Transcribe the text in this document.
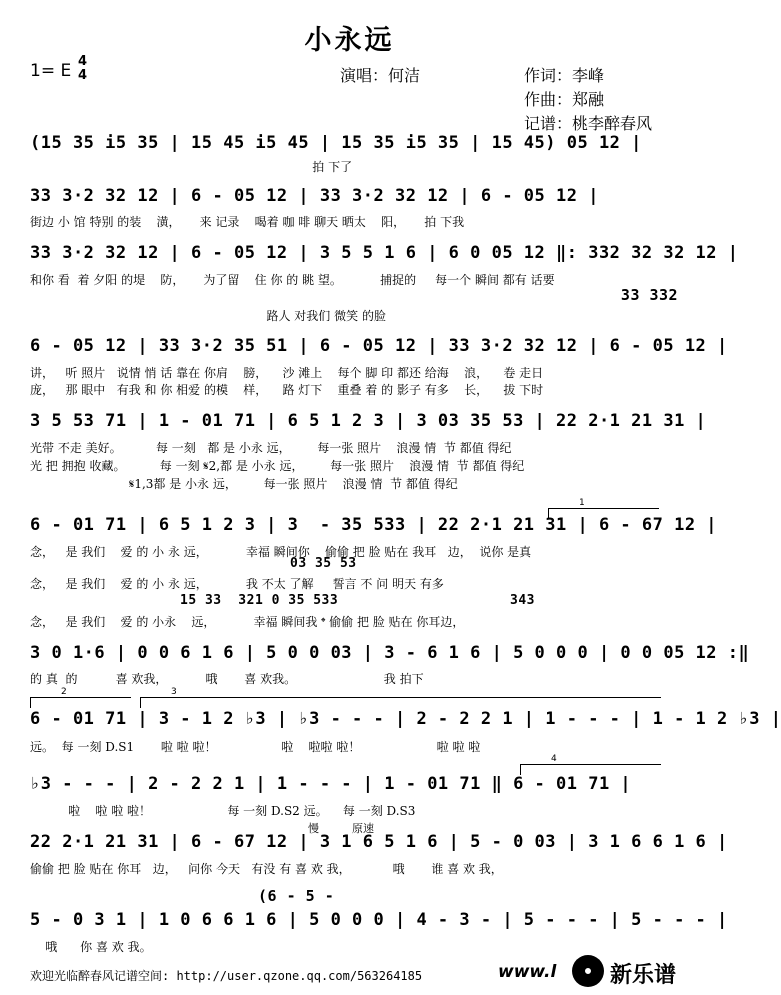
小永远
1= E 4
4	演唱：何洁	作词：李峰
作曲：郑融
记谱：桃李醉春风
(15 35 i5 35 | 15 45 i5 45 | 15 35 i5 35 | 15 45) 05 12 |
拍 下了
33 3·2 32 12 | 6 - 05 12 | 33 3·2 32 12 | 6 - 05 12 |
街边 小 馆 特别 的装    潢，     来 记录    喝着 咖 啡 聊天 晒太    阳，     拍 下我
33 3·2 32 12 | 6 - 05 12 | 3 5 5 1 6 | 6 0 05 12 ‖: 332 32 32 12 |
和你 看  着 夕阳 的堤    防，     为了留    住 你 的 眺 望。          捕捉的     每一个 瞬间 都有 话要
33 332
路人 对我们 微笑 的脸
6 - 05 12 | 33 3·2 35 51 | 6 - 05 12 | 33 3·2 32 12 | 6 - 05 12 |
讲，   听 照片   说情 悄 话 靠在 你肩    膀，    沙 滩上    每个 脚 印 都还 给海    浪，    卷 走日
庞，   那 眼中   有我 和 你 相爱 的模    样，    路 灯下    重叠 着 的 影子 有多    长，    拔 下时
3 5 53 71 | 1 - 01 71 | 6 5 1 2 3 | 3 03 35 53 | 22 2·1 21 31 |
光带 不走 美好。         每 一刻   都 是 小永 远，       每一张 照片    浪漫 情  节 都值 得纪
光 把 拥抱 收藏。         每 一刻 𝄋2,都 是 小永 远，       每一张 照片    浪漫 情  节 都值 得纪
𝄋1,3都 是 小永 远，       每一张 照片    浪漫 情  节 都值 得纪
1
6 - 01 71 | 6 5 1 2 3 | 3  - 35 533 | 22 2·1 21 31 | 6 - 67 12 |
念，   是 我们    爱 的 小 永 远，          幸福 瞬间你    偷偷 把 脸 贴在 我耳   边，  说你 是真
03 35 53
念，   是 我们    爱 的 小 永 远，          我 不太 了解     誓言 不 问 明天 有多
15 33  321 0 35 533	343
念，   是 我们    爱 的 小永    远，          幸福 瞬间我 𝄌 偷偷 把 脸 贴在 你耳边，
3 0 1·6 | 0 0 6 1 6 | 5 0 0 03 | 3 - 6 1 6 | 5 0 0 0 | 0 0 05 12 :‖
的 真  的          喜 欢我，          哦       喜 欢我。                       我 拍下
2	3
6 - 01 71 | 3 - 1 2 ♭3 | ♭3 - - - | 2 - 2 2 1 | 1 - - - | 1 - 1 2 ♭3 |
远。  每 一刻 D.S1       啦 啦 啦！                 啦    啦啦 啦！                    啦 啦 啦
4
♭3 - - - | 2 - 2 2 1 | 1 - - - | 1 - 01 71 ‖ 6 - 01 71 |
啦    啦 啦 啦！                    每 一刻 D.S2 远。    每 一刻 D.S3
慢	原速
22 2·1 21 31 | 6 - 67 12 | 3 1 6 5 1 6 | 5 - 0 03 | 3 1 6 6 1 6 |
偷偷 把 脸 贴在 你耳   边，   问你 今天   有没 有 喜 欢 我，           哦       谁 喜 欢 我，
(6 - 5 -
5 - 0 3 1 | 1 0 6 6 1 6 | 5 0 0 0 | 4 - 3 - | 5 - - - | 5 - - - |
哦      你 喜 欢 我。
欢迎光临醉春风记谱空间: http://user.qzone.qq.com/563264185	www.l 新乐谱
